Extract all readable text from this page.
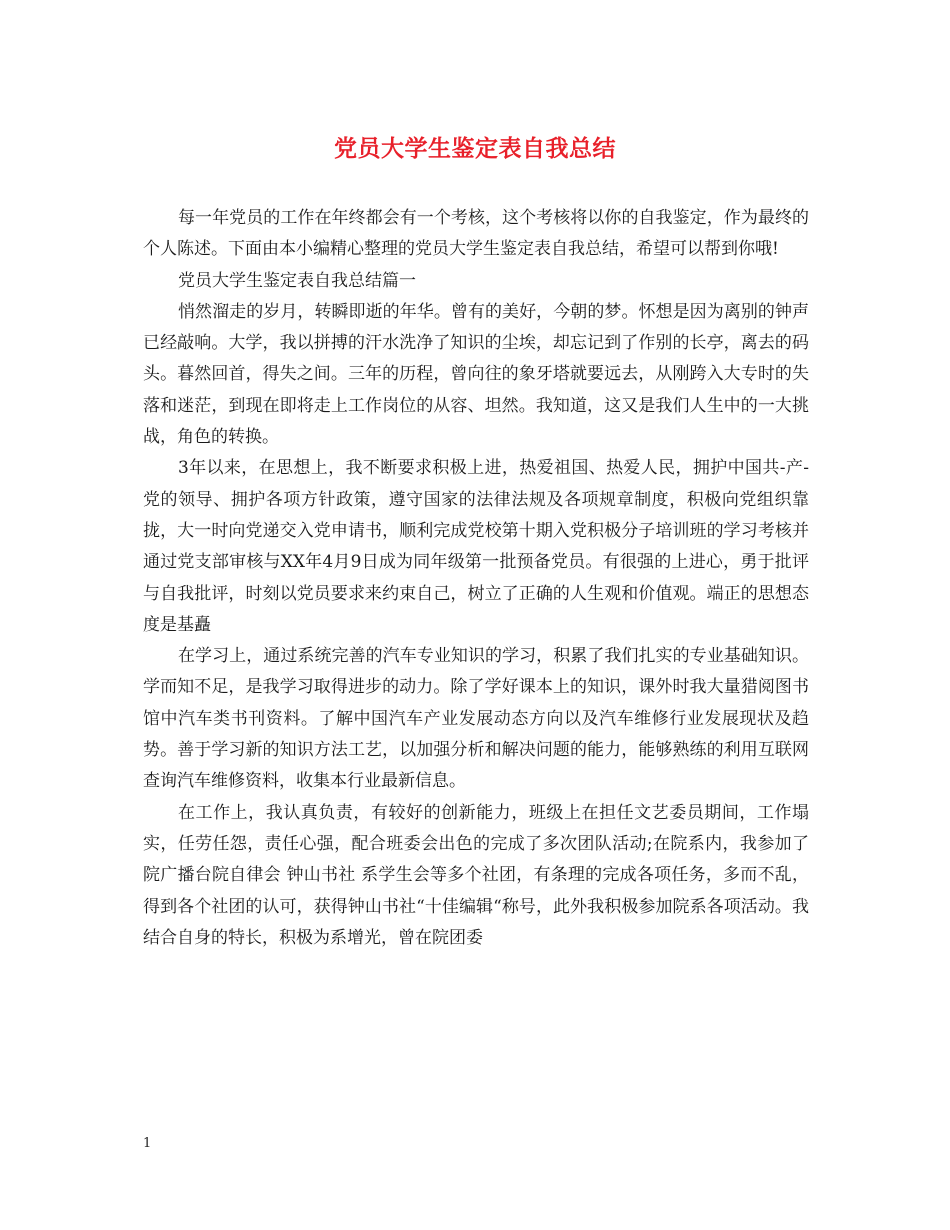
党员大学生鉴定表自我总结

每一年党员的工作在年终都会有一个考核，这个考核将以你的自我鉴定，作为最终的个人陈述。下面由本小编精心整理的党员大学生鉴定表自我总结，希望可以帮到你哦!

党员大学生鉴定表自我总结篇一

悄然溜走的岁月，转瞬即逝的年华。曾有的美好，今朝的梦。怀想是因为离别的钟声已经敲响。大学，我以拼搏的汗水洗净了知识的尘埃，却忘记到了作别的长亭，离去的码头。暮然回首，得失之间。三年的历程，曾向往的象牙塔就要远去，从刚跨入大专时的失落和迷茫，到现在即将走上工作岗位的从容、坦然。我知道，这又是我们人生中的一大挑战，角色的转换。

3年以来，在思想上，我不断要求积极上进，热爱祖国、热爱人民，拥护中国共-产-党的领导、拥护各项方针政策，遵守国家的法律法规及各项规章制度，积极向党组织靠拢，大一时向党递交入党申请书，顺利完成党校第十期入党积极分子培训班的学习考核并通过党支部审核与XX年4月9日成为同年级第一批预备党员。有很强的上进心，勇于批评与自我批评，时刻以党员要求来约束自己，树立了正确的人生观和价值观。端正的思想态度是基矗

在学习上，通过系统完善的汽车专业知识的学习，积累了我们扎实的专业基础知识。学而知不足，是我学习取得进步的动力。除了学好课本上的知识，课外时我大量猎阅图书馆中汽车类书刊资料。了解中国汽车产业发展动态方向以及汽车维修行业发展现状及趋势。善于学习新的知识方法工艺，以加强分析和解决问题的能力，能够熟练的利用互联网查询汽车维修资料，收集本行业最新信息。

在工作上，我认真负责，有较好的创新能力，班级上在担任文艺委员期间，工作塌实，任劳任怨，责任心强，配合班委会出色的完成了多次团队活动;在院系内，我参加了院广播台院自律会 钟山书社 系学生会等多个社团，有条理的完成各项任务，多而不乱，得到各个社团的认可，获得钟山书社“十佳编辑“称号，此外我积极参加院系各项活动。我结合自身的特长，积极为系增光，曾在院团委

1
